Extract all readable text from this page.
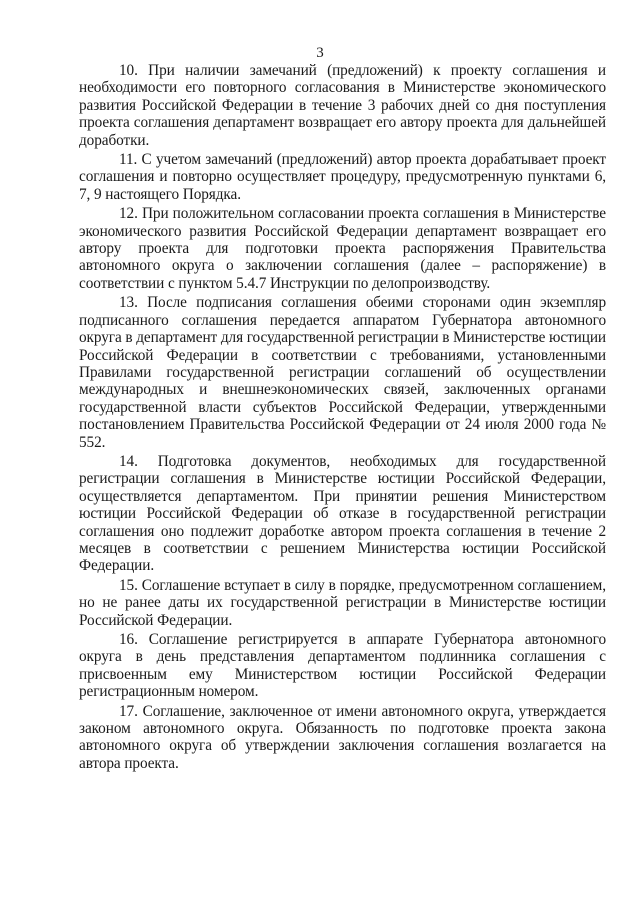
3

10. При наличии замечаний (предложений) к проекту соглашения и необходимости его повторного согласования в Министерстве экономического развития Российской Федерации в течение 3 рабочих дней со дня поступления проекта соглашения департамент возвращает его автору проекта для дальнейшей доработки.

11. С учетом замечаний (предложений) автор проекта дорабатывает проект соглашения и повторно осуществляет процедуру, предусмотренную пунктами 6, 7, 9 настоящего Порядка.

12. При положительном согласовании проекта соглашения в Министерстве экономического развития Российской Федерации департамент возвращает его автору проекта для подготовки проекта распоряжения Правительства автономного округа о заключении соглашения (далее – распоряжение) в соответствии с пунктом 5.4.7 Инструкции по делопроизводству.

13. После подписания соглашения обеими сторонами один экземпляр подписанного соглашения передается аппаратом Губернатора автономного округа в департамент для государственной регистрации в Министерстве юстиции Российской Федерации в соответствии с требованиями, установленными Правилами государственной регистрации соглашений об осуществлении международных и внешнеэкономических связей, заключенных органами государственной власти субъектов Российской Федерации, утвержденными постановлением Правительства Российской Федерации от 24 июля 2000 года № 552.

14. Подготовка документов, необходимых для государственной регистрации соглашения в Министерстве юстиции Российской Федерации, осуществляется департаментом. При принятии решения Министерством юстиции Российской Федерации об отказе в государственной регистрации соглашения оно подлежит доработке автором проекта соглашения в течение 2 месяцев в соответствии с решением Министерства юстиции Российской Федерации.

15. Соглашение вступает в силу в порядке, предусмотренном соглашением, но не ранее даты их государственной регистрации в Министерстве юстиции Российской Федерации.

16. Соглашение регистрируется в аппарате Губернатора автономного округа в день представления департаментом подлинника соглашения с присвоенным ему Министерством юстиции Российской Федерации регистрационным номером.

17. Соглашение, заключенное от имени автономного округа, утверждается законом автономного округа. Обязанность по подготовке проекта закона автономного округа об утверждении заключения соглашения возлагается на автора проекта.
